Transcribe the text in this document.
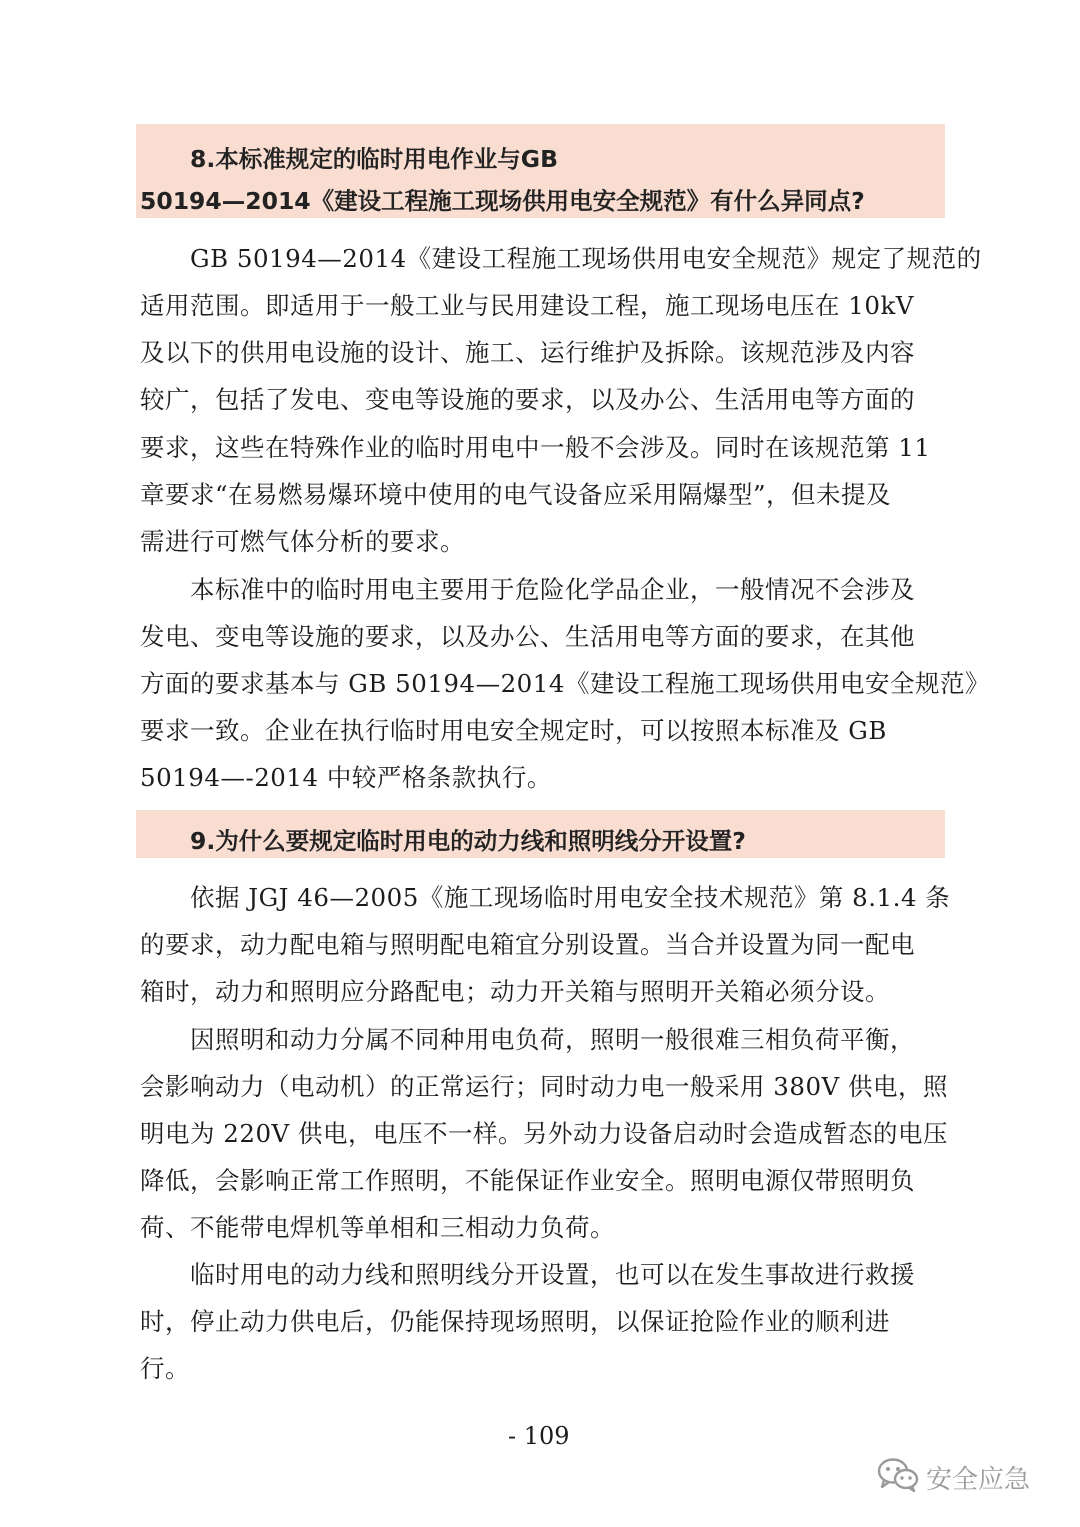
8.本标准规定的临时用电作业与GB
50194—2014《建设工程施工现场供用电安全规范》有什么异同点?
GB 50194—2014《建设工程施工现场供用电安全规范》规定了规范的
适用范围。即适用于一般工业与民用建设工程，施工现场电压在 10kV
及以下的供用电设施的设计、施工、运行维护及拆除。该规范涉及内容
较广，包括了发电、变电等设施的要求，以及办公、生活用电等方面的
要求，这些在特殊作业的临时用电中一般不会涉及。同时在该规范第 11
章要求“在易燃易爆环境中使用的电气设备应采用隔爆型”，但未提及
需进行可燃气体分析的要求。
本标准中的临时用电主要用于危险化学品企业，一般情况不会涉及
发电、变电等设施的要求，以及办公、生活用电等方面的要求，在其他
方面的要求基本与 GB 50194—2014《建设工程施工现场供用电安全规范》
要求一致。企业在执行临时用电安全规定时，可以按照本标准及 GB
50194—-2014 中较严格条款执行。
9.为什么要规定临时用电的动力线和照明线分开设置?
依据 JGJ 46—2005《施工现场临时用电安全技术规范》第 8.1.4 条
的要求，动力配电箱与照明配电箱宜分别设置。当合并设置为同一配电
箱时，动力和照明应分路配电；动力开关箱与照明开关箱必须分设。
因照明和动力分属不同种用电负荷，照明一般很难三相负荷平衡，
会影响动力（电动机）的正常运行；同时动力电一般采用 380V 供电，照
明电为 220V 供电，电压不一样。另外动力设备启动时会造成暂态的电压
降低，会影响正常工作照明，不能保证作业安全。照明电源仅带照明负
荷、不能带电焊机等单相和三相动力负荷。
临时用电的动力线和照明线分开设置，也可以在发生事故进行救援
时，停止动力供电后，仍能保持现场照明，以保证抢险作业的顺利进
行。
- 109
安全应急
